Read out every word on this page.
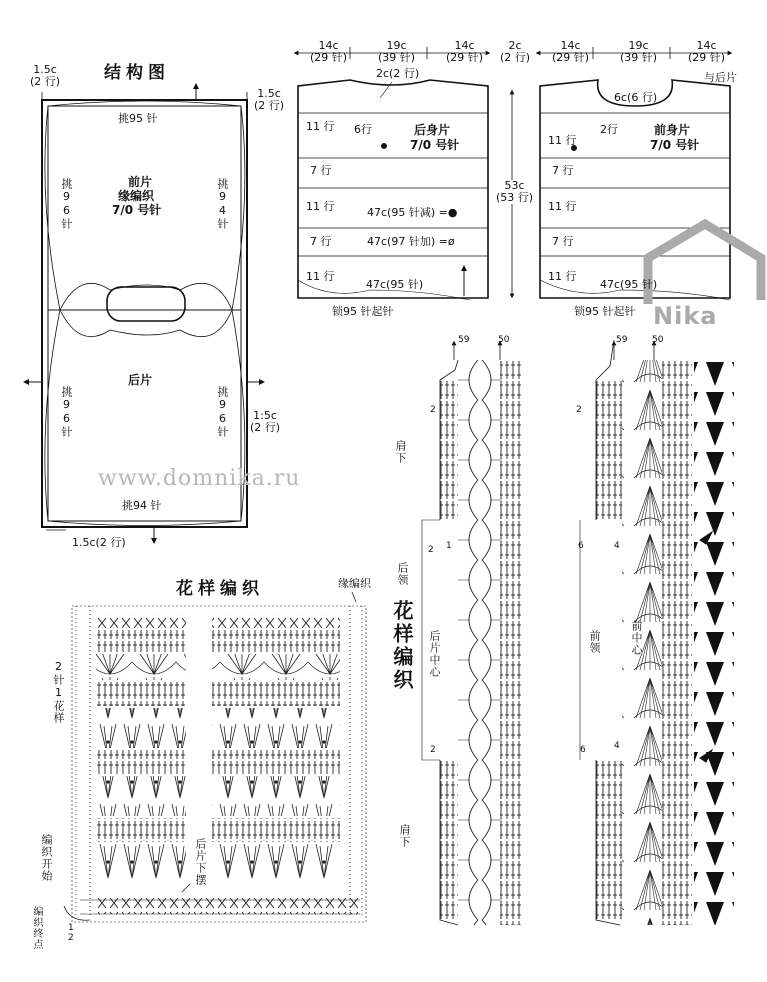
结构图
1.5c
(2 行)
1.5c
(2 行)
挑95 针
前片
缘编织
7/0 号针
挑96针	挑94针
后片
挑96针	挑96针 1:5c
(2 行)
挑94 针
1.5c(2 行)
www.domnika.ru
14c
(29 针)
19c
(39 针)
14c
(29 针)
2c
(2 行)
2c(2 行)
6行	后身片
7/0 号针
11 行
7 行
11 行
7 行
11 行
47c(95 针减) =●
47c(97 针加) =ø
47c(95 针)
53c
(53 行)
锁95 针起针
14c
(29 针)
19c
(39 针)
14c
(29 针)
与后片
6c(6 行)
2行	前身片
7/0 号针
11 行
7 行
11 行
7 行
11 行
47c(95 针)
锁95 针起针 Nika
花样编织	缘编织
2针1花样
编织开始
编织终点
后片下摆
1
2
花样编织
肩下
后领
后片中心
肩下
前领	前中心
59	50	59	50
2
2 1
2
2
6	4
6	4
